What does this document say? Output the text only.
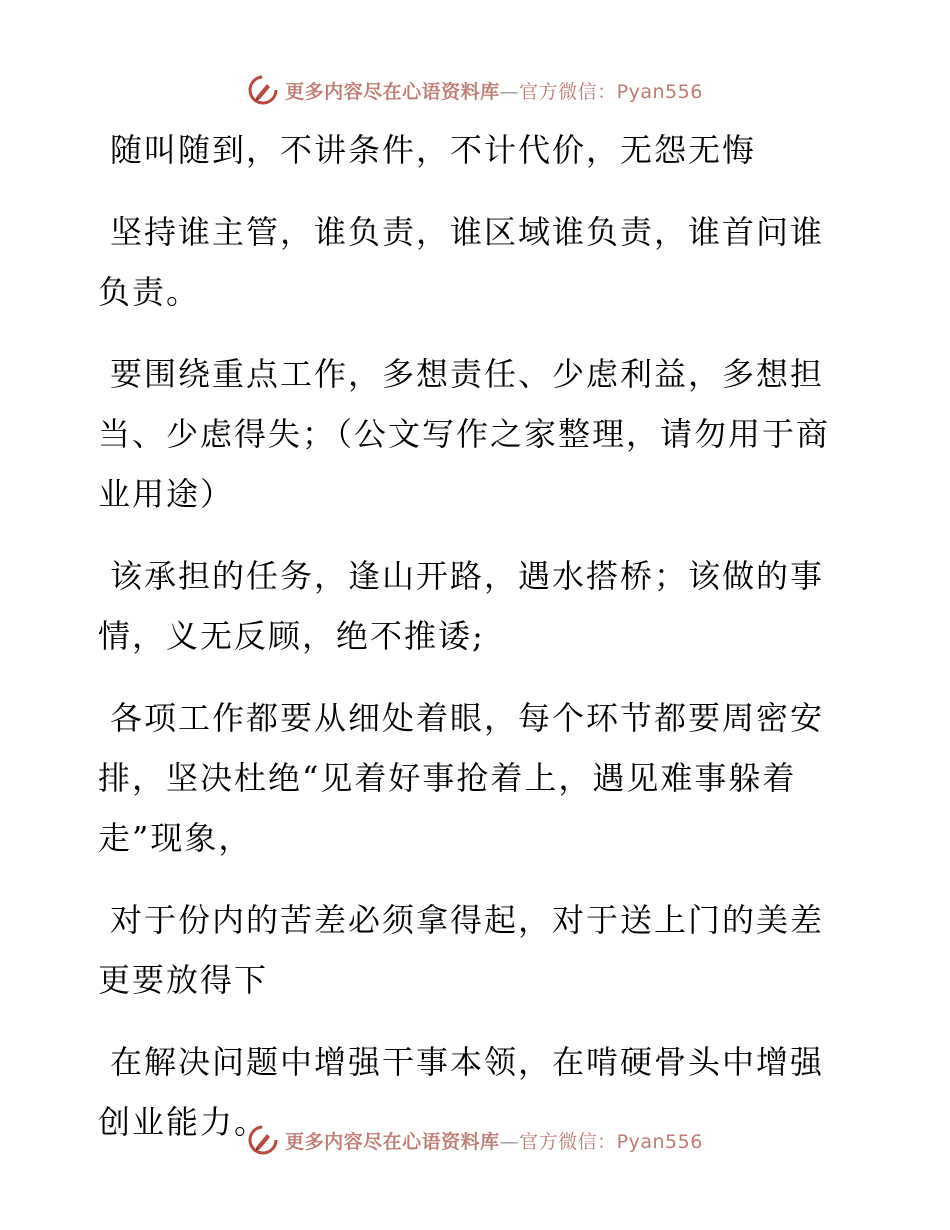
更多内容尽在心语资料库—官方微信：Pyan556

随叫随到，不讲条件，不计代价，无怨无悔

坚持谁主管，谁负责，谁区域谁负责，谁首问谁负责。

要围绕重点工作，多想责任、少虑利益，多想担当、少虑得失；（公文写作之家整理，请勿用于商业用途）

该承担的任务，逢山开路，遇水搭桥；该做的事情，义无反顾，绝不推诿;

各项工作都要从细处着眼，每个环节都要周密安排，坚决杜绝“见着好事抢着上，遇见难事躲着走”现象，

对于份内的苦差必须拿得起，对于送上门的美差更要放得下

在解决问题中增强干事本领，在啃硬骨头中增强创业能力。

更多内容尽在心语资料库—官方微信：Pyan556
